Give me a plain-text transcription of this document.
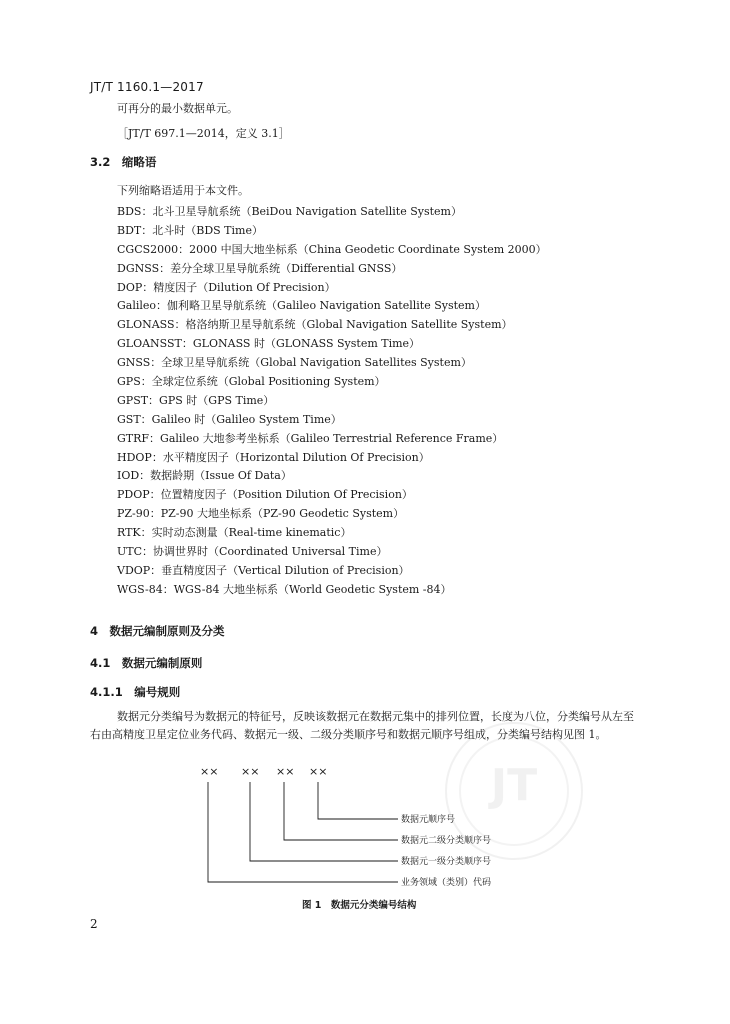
JT/T 1160.1—2017
可再分的最小数据单元。
［JT/T 697.1—2014，定义 3.1］
3.2  缩略语
下列缩略语适用于本文件。
BDS：北斗卫星导航系统（BeiDou Navigation Satellite System）
BDT：北斗时（BDS Time）
CGCS2000：2000 中国大地坐标系（China Geodetic Coordinate System 2000）
DGNSS：差分全球卫星导航系统（Differential GNSS）
DOP：精度因子（Dilution Of Precision）
Galileo：伽利略卫星导航系统（Galileo Navigation Satellite System）
GLONASS：格洛纳斯卫星导航系统（Global Navigation Satellite System）
GLOANSST：GLONASS 时（GLONASS System Time）
GNSS：全球卫星导航系统（Global Navigation Satellites System）
GPS：全球定位系统（Global Positioning System）
GPST：GPS 时（GPS Time）
GST：Galileo 时（Galileo System Time）
GTRF：Galileo 大地参考坐标系（Galileo Terrestrial Reference Frame）
HDOP：水平精度因子（Horizontal Dilution Of Precision）
IOD：数据龄期（Issue Of Data）
PDOP：位置精度因子（Position Dilution Of Precision）
PZ-90：PZ-90 大地坐标系（PZ-90 Geodetic System）
RTK：实时动态测量（Real-time kinematic）
UTC：协调世界时（Coordinated Universal Time）
VDOP：垂直精度因子（Vertical Dilution of Precision）
WGS-84：WGS-84 大地坐标系（World Geodetic System -84）
4  数据元编制原则及分类
4.1  数据元编制原则
4.1.1  编号规则
JT
数据元分类编号为数据元的特征号，反映该数据元在数据元集中的排列位置，长度为八位，分类编号从左至右由高精度卫星定位业务代码、数据元一级、二级分类顺序号和数据元顺序号组成，分类编号结构见图 1。
×× ×× ×× ××
数据元顺序号
数据元二级分类顺序号
数据元一级分类顺序号
业务领域（类别）代码
图 1　数据元分类编号结构
2
